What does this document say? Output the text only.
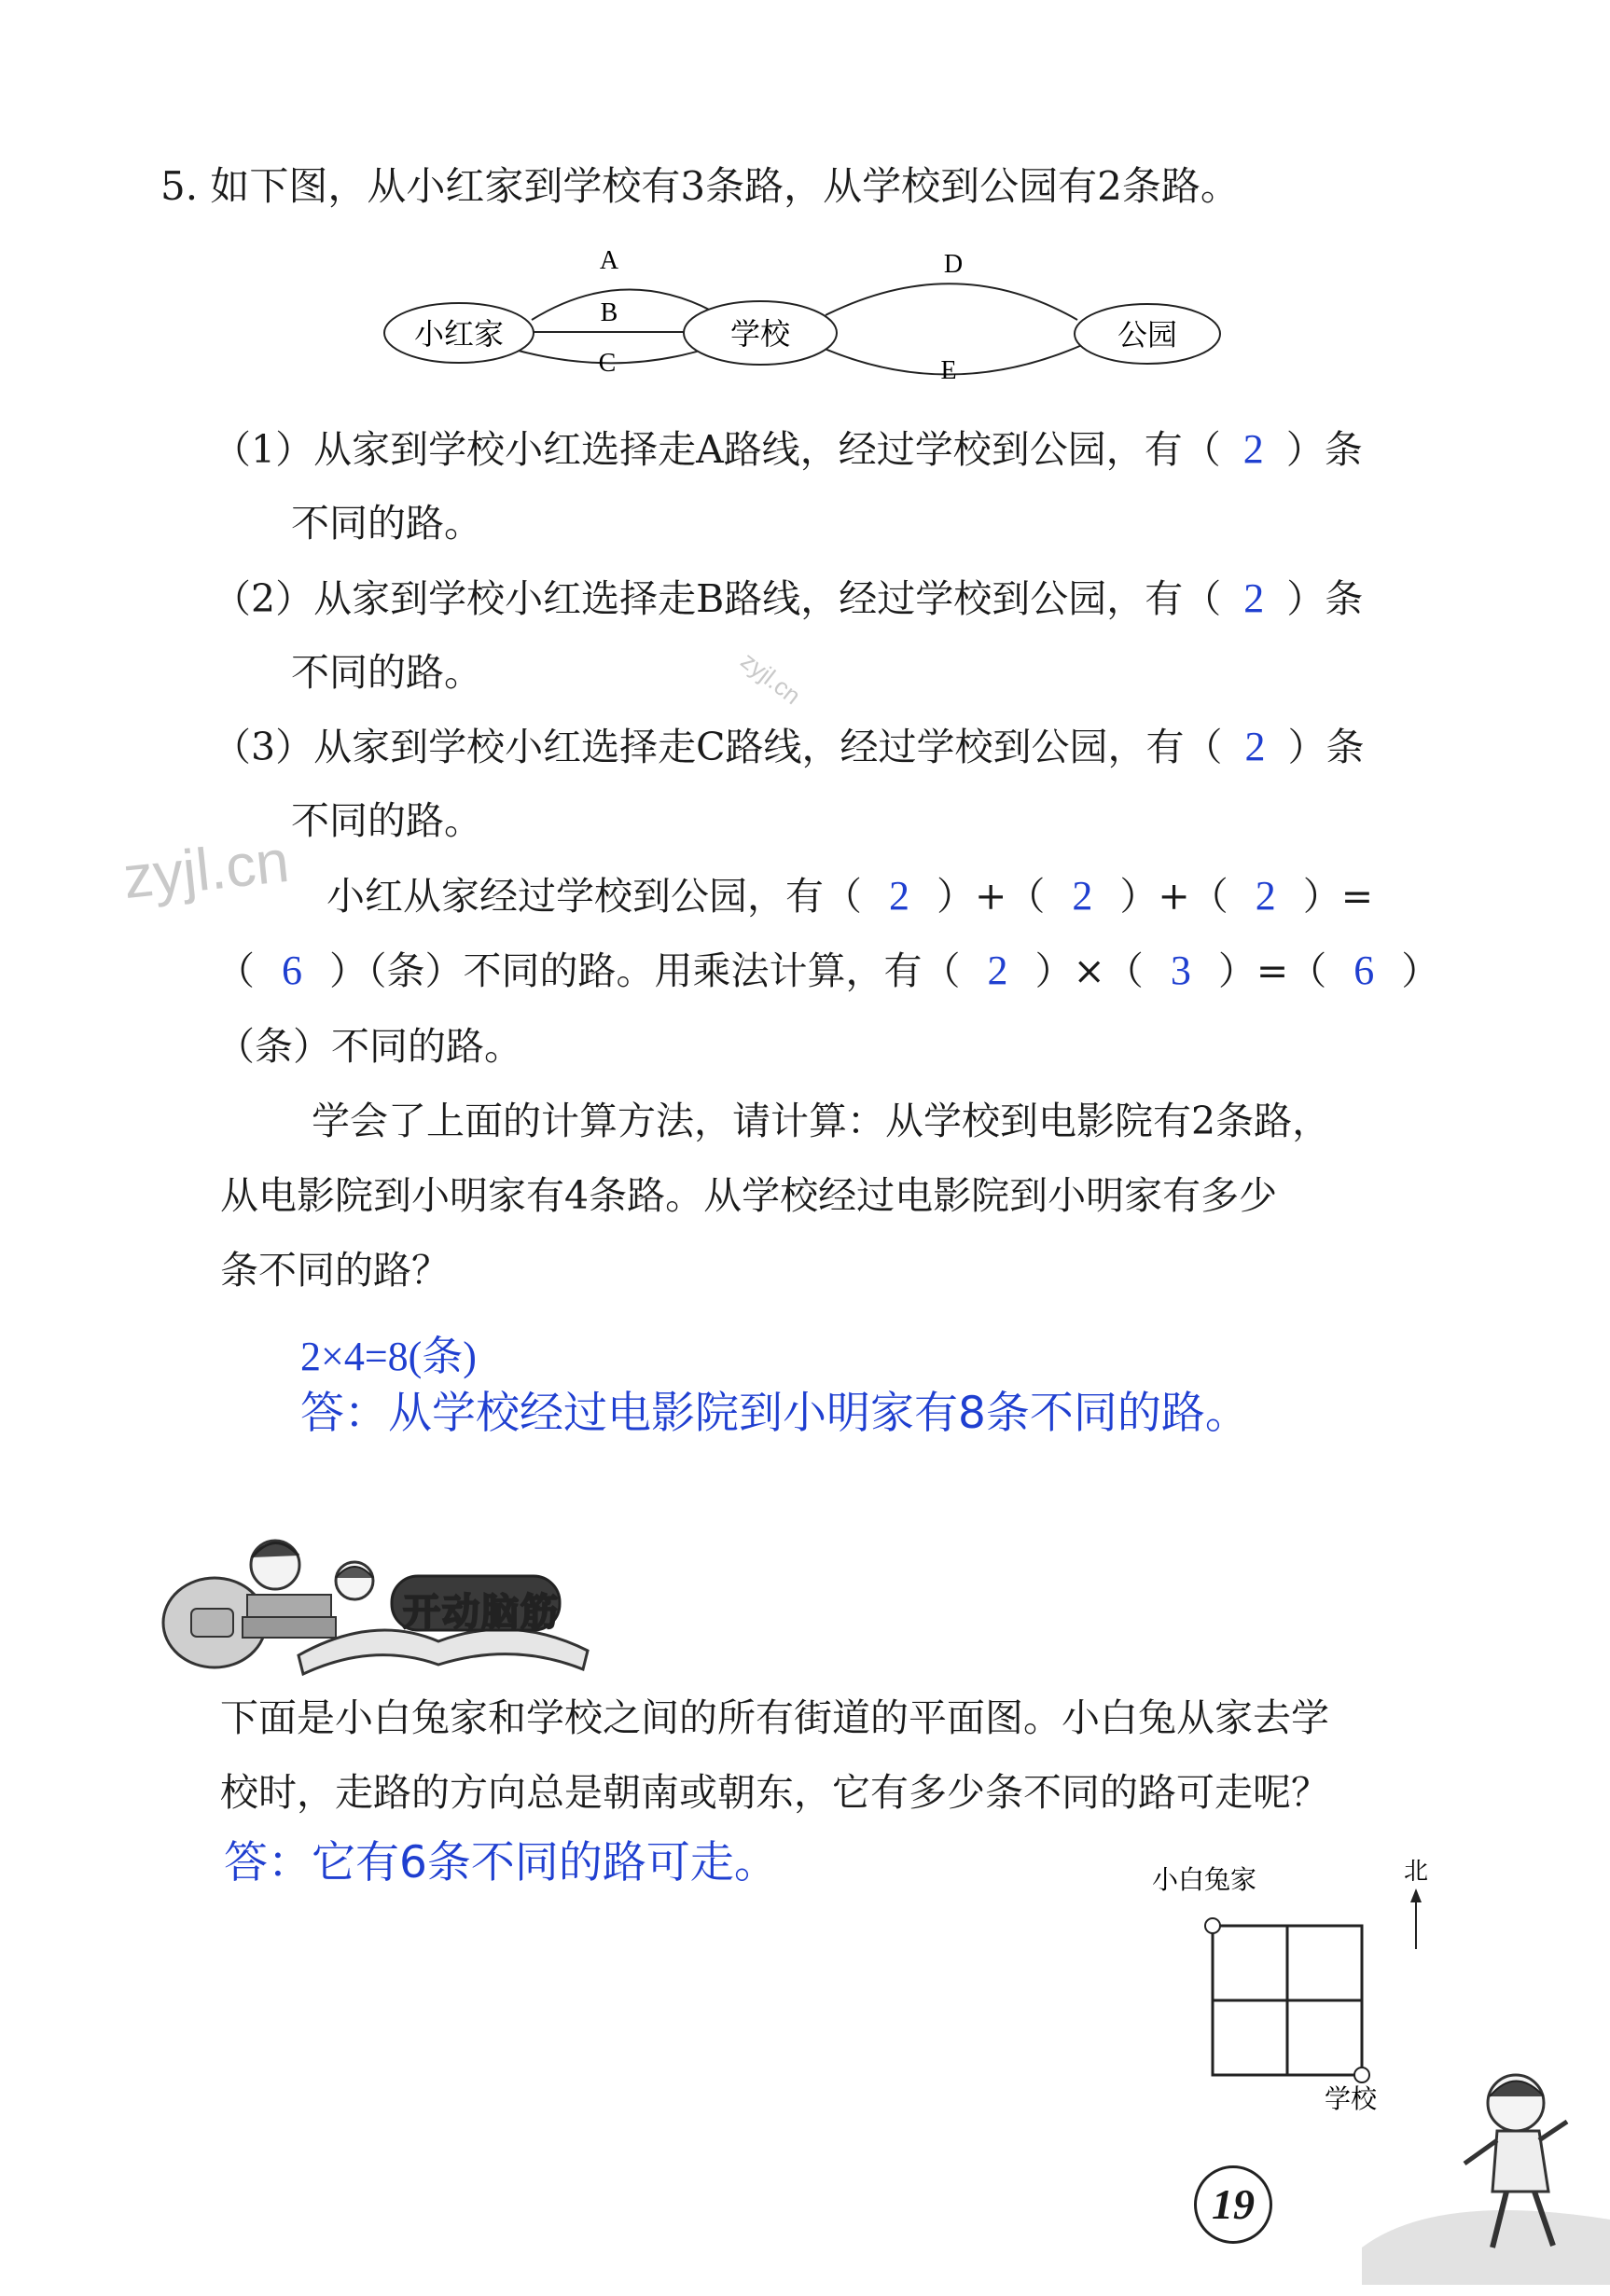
5. 如下图，从小红家到学校有3条路，从学校到公园有2条路。
小红家	学校	公园
A
B
C
D
E
（1）从家到学校小红选择走A路线，经过学校到公园，有（ 2 ）条
不同的路。
（2）从家到学校小红选择走B路线，经过学校到公园，有（ 2 ）条
不同的路。
（3）从家到学校小红选择走C路线，经过学校到公园，有（ 2 ）条
不同的路。
小红从家经过学校到公园，有（ 2 ）+（ 2 ）+（ 2 ）=
（ 6 ）（条）不同的路。用乘法计算，有（ 2 ）×（ 3 ）=（ 6 ）
（条）不同的路。
学会了上面的计算方法，请计算：从学校到电影院有2条路，
从电影院到小明家有4条路。从学校经过电影院到小明家有多少
条不同的路？
2×4=8(条)
答：从学校经过电影院到小明家有8条不同的路。
zyjl.cn
zyjl.cn
开动脑筋
下面是小白兔家和学校之间的所有街道的平面图。小白兔从家去学
校时，走路的方向总是朝南或朝东，它有多少条不同的路可走呢？
答：它有6条不同的路可走。	小白兔家	北
学校
19
